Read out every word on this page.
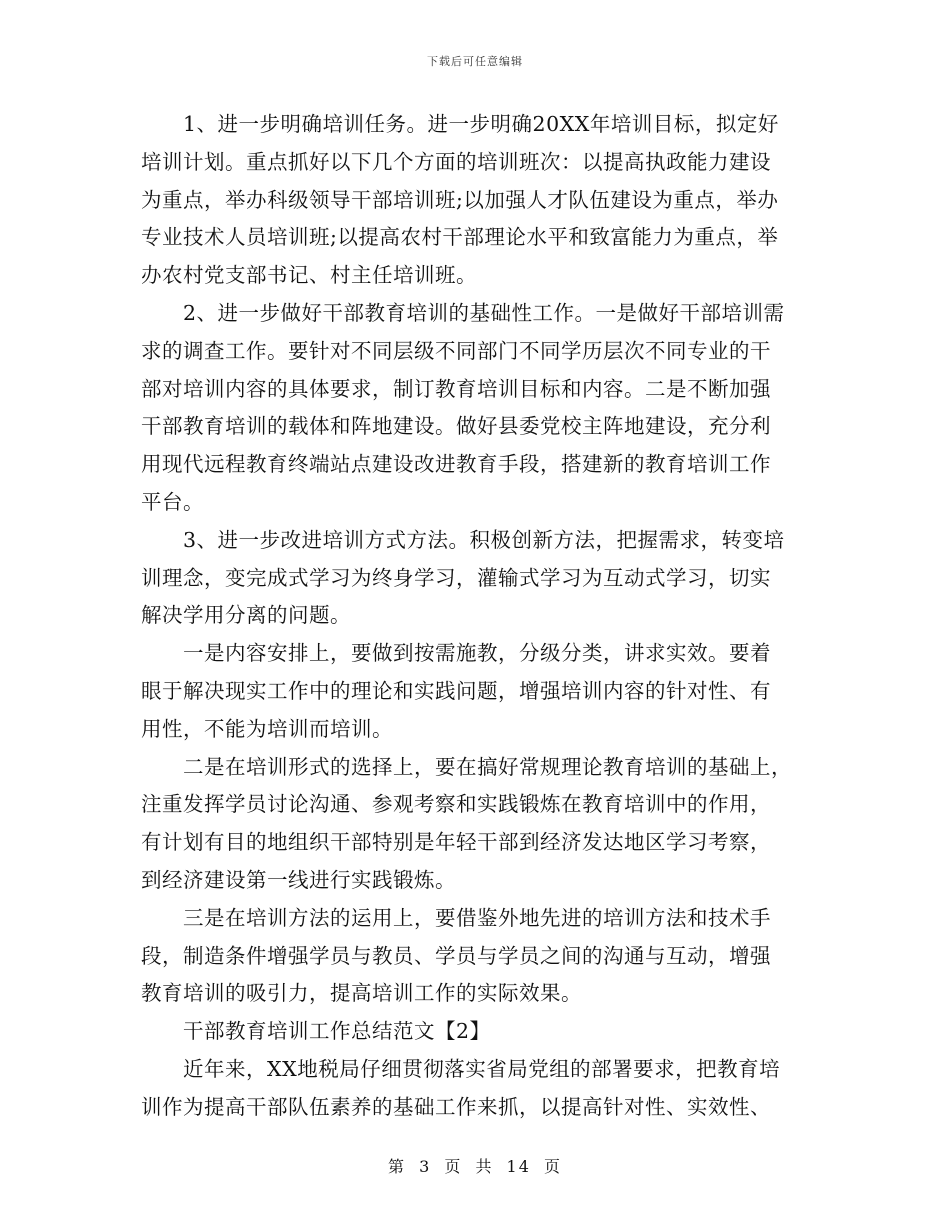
下载后可任意编辑
1、进一步明确培训任务。进一步明确20XX年培训目标，拟定好
培训计划。重点抓好以下几个方面的培训班次：以提高执政能力建设
为重点，举办科级领导干部培训班;以加强人才队伍建设为重点，举办
专业技术人员培训班;以提高农村干部理论水平和致富能力为重点，举
办农村党支部书记、村主任培训班。
2、进一步做好干部教育培训的基础性工作。一是做好干部培训需
求的调查工作。要针对不同层级不同部门不同学历层次不同专业的干
部对培训内容的具体要求，制订教育培训目标和内容。二是不断加强
干部教育培训的载体和阵地建设。做好县委党校主阵地建设，充分利
用现代远程教育终端站点建设改进教育手段，搭建新的教育培训工作
平台。
3、进一步改进培训方式方法。积极创新方法，把握需求，转变培
训理念，变完成式学习为终身学习，灌输式学习为互动式学习，切实
解决学用分离的问题。
一是内容安排上，要做到按需施教，分级分类，讲求实效。要着
眼于解决现实工作中的理论和实践问题，增强培训内容的针对性、有
用性，不能为培训而培训。
二是在培训形式的选择上，要在搞好常规理论教育培训的基础上，
注重发挥学员讨论沟通、参观考察和实践锻炼在教育培训中的作用，
有计划有目的地组织干部特别是年轻干部到经济发达地区学习考察，
到经济建设第一线进行实践锻炼。
三是在培训方法的运用上，要借鉴外地先进的培训方法和技术手
段，制造条件增强学员与教员、学员与学员之间的沟通与互动，增强
教育培训的吸引力，提高培训工作的实际效果。
干部教育培训工作总结范文【2】
近年来，XX地税局仔细贯彻落实省局党组的部署要求，把教育培
训作为提高干部队伍素养的基础工作来抓，以提高针对性、实效性、
第 3 页 共 14 页
